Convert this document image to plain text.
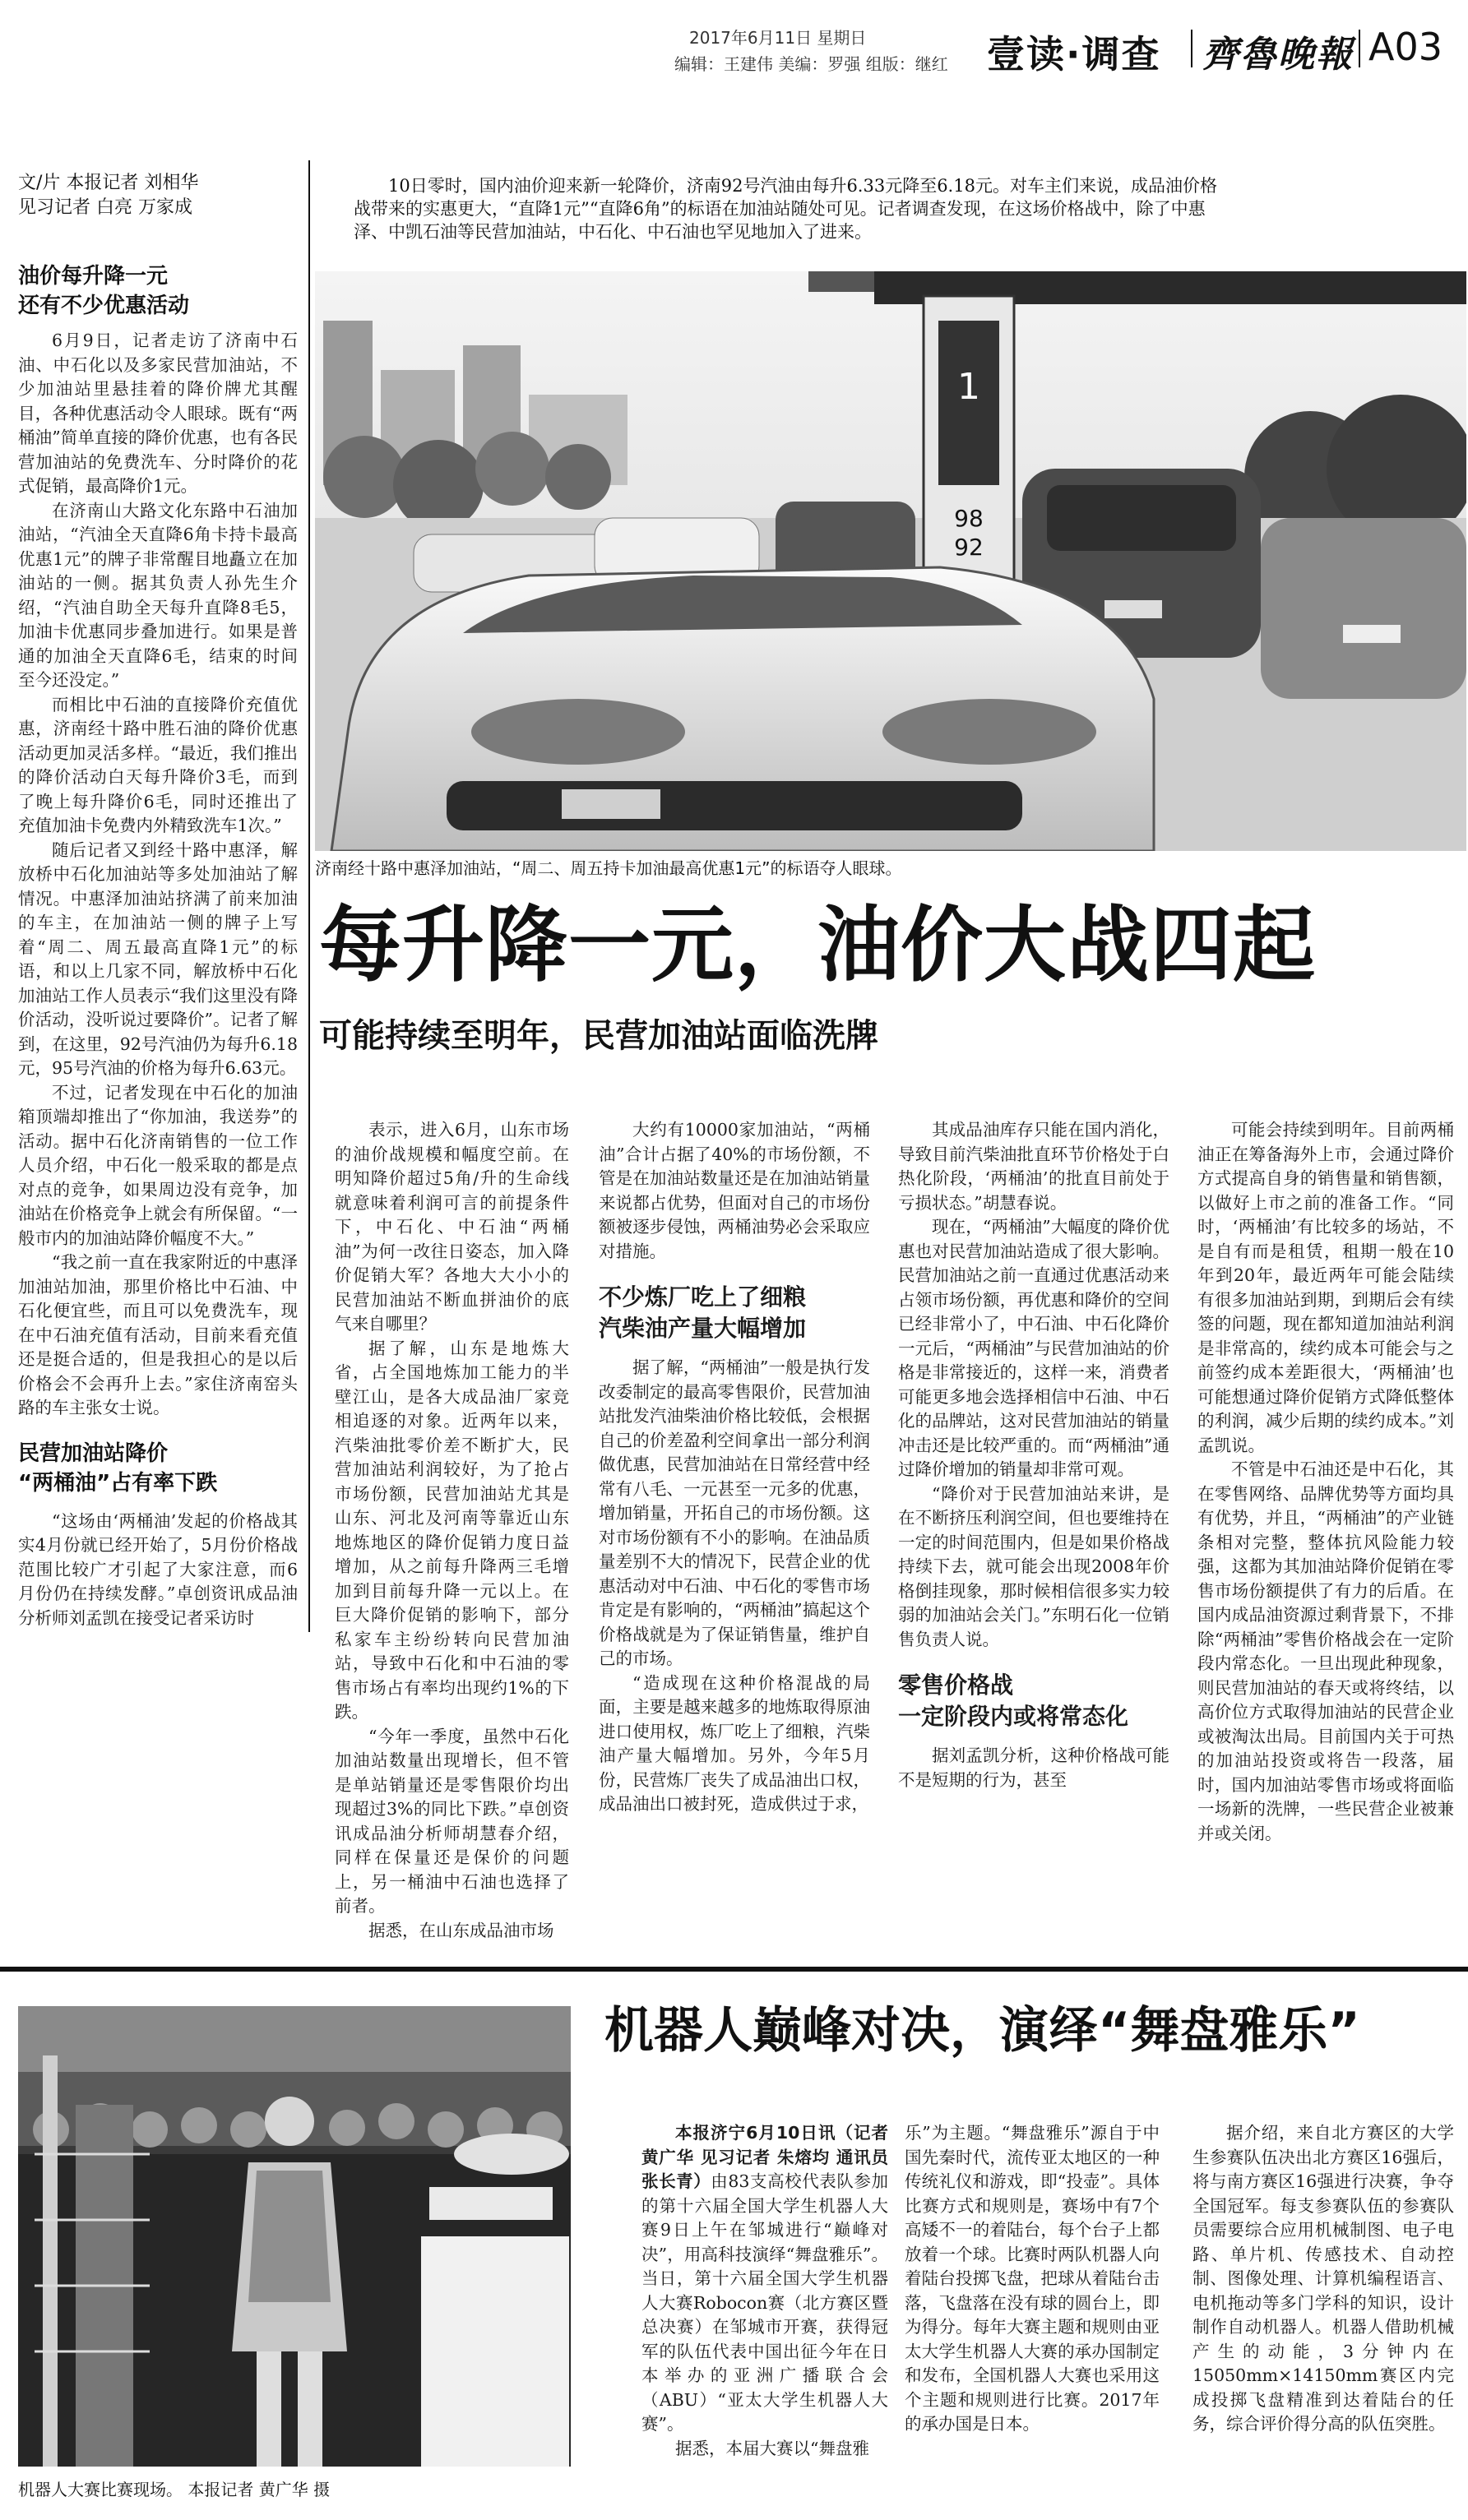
2017年6月11日 星期日
编辑：王建伟 美编：罗强 组版：继红 壹读·调查 齊魯晚報 A03
文/片 本报记者 刘相华
见习记者 白亮 万家成
10日零时，国内油价迎来新一轮降价，济南92号汽油由每升6.33元降至6.18元。对车主们来说，成品油价格战带来的实惠更大，“直降1元”“直降6角”的标语在加油站随处可见。记者调查发现，在这场价格战中，除了中惠泽、中凯石油等民营加油站，中石化、中石油也罕见地加入了进来。
1
98
92
济南经十路中惠泽加油站，“周二、周五持卡加油最高优惠1元”的标语夺人眼球。
每升降一元，油价大战四起
可能持续至明年，民营加油站面临洗牌
油价每升降一元
还有不少优惠活动

6月9日，记者走访了济南中石油、中石化以及多家民营加油站，不少加油站里悬挂着的降价牌尤其醒目，各种优惠活动令人眼球。既有“两桶油”简单直接的降价优惠，也有各民营加油站的免费洗车、分时降价的花式促销，最高降价1元。

在济南山大路文化东路中石油加油站，“汽油全天直降6角卡持卡最高优惠1元”的牌子非常醒目地矗立在加油站的一侧。据其负责人孙先生介绍，“汽油自助全天每升直降8毛5，加油卡优惠同步叠加进行。如果是普通的加油全天直降6毛，结束的时间至今还没定。”

而相比中石油的直接降价充值优惠，济南经十路中胜石油的降价优惠活动更加灵活多样。“最近，我们推出的降价活动白天每升降价3毛，而到了晚上每升降价6毛，同时还推出了充值加油卡免费内外精致洗车1次。”

随后记者又到经十路中惠泽，解放桥中石化加油站等多处加油站了解情况。中惠泽加油站挤满了前来加油的车主，在加油站一侧的牌子上写着“周二、周五最高直降1元”的标语，和以上几家不同，解放桥中石化加油站工作人员表示“我们这里没有降价活动，没听说过要降价”。记者了解到，在这里，92号汽油仍为每升6.18元，95号汽油的价格为每升6.63元。

不过，记者发现在中石化的加油箱顶端却推出了“你加油，我送券”的活动。据中石化济南销售的一位工作人员介绍，中石化一般采取的都是点对点的竞争，如果周边没有竞争，加油站在价格竞争上就会有所保留。“一般市内的加油站降价幅度不大。”

“我之前一直在我家附近的中惠泽加油站加油，那里价格比中石油、中石化便宜些，而且可以免费洗车，现在中石油充值有活动，目前来看充值还是挺合适的，但是我担心的是以后价格会不会再升上去。”家住济南窑头路的车主张女士说。

民营加油站降价
“两桶油”占有率下跌

“这场由‘两桶油’发起的价格战其实4月份就已经开始了，5月份价格战范围比较广才引起了大家注意，而6月份仍在持续发酵。”卓创资讯成品油分析师刘孟凯在接受记者采访时

表示，进入6月，山东市场的油价战规模和幅度空前。在明知降价超过5角/升的生命线就意味着利润可言的前提条件下，中石化、中石油“两桶油”为何一改往日姿态，加入降价促销大军？各地大大小小的民营加油站不断血拼油价的底气来自哪里？

据了解，山东是地炼大省，占全国地炼加工能力的半壁江山，是各大成品油厂家竞相追逐的对象。近两年以来，汽柴油批零价差不断扩大，民营加油站利润较好，为了抢占市场份额，民营加油站尤其是山东、河北及河南等靠近山东地炼地区的降价促销力度日益增加，从之前每升降两三毛增加到目前每升降一元以上。在巨大降价促销的影响下，部分私家车主纷纷转向民营加油站，导致中石化和中石油的零售市场占有率均出现约1%的下跌。

“今年一季度，虽然中石化加油站数量出现增长，但不管是单站销量还是零售限价均出现超过3%的同比下跌。”卓创资讯成品油分析师胡慧春介绍，同样在保量还是保价的问题上，另一桶油中石油也选择了前者。

据悉，在山东成品油市场

大约有10000家加油站，“两桶油”合计占据了40%的市场份额，不管是在加油站数量还是在加油站销量来说都占优势，但面对自己的市场份额被逐步侵蚀，两桶油势必会采取应对措施。

不少炼厂吃上了细粮
汽柴油产量大幅增加

据了解，“两桶油”一般是执行发改委制定的最高零售限价，民营加油站批发汽油柴油价格比较低，会根据自己的价差盈利空间拿出一部分利润做优惠，民营加油站在日常经营中经常有八毛、一元甚至一元多的优惠，增加销量，开拓自己的市场份额。这对市场份额有不小的影响。在油品质量差别不大的情况下，民营企业的优惠活动对中石油、中石化的零售市场肯定是有影响的，“两桶油”搞起这个价格战就是为了保证销售量，维护自己的市场。

“造成现在这种价格混战的局面，主要是越来越多的地炼取得原油进口使用权，炼厂吃上了细粮，汽柴油产量大幅增加。另外，今年5月份，民营炼厂丧失了成品油出口权，成品油出口被封死，造成供过于求，

其成品油库存只能在国内消化，导致目前汽柴油批直环节价格处于白热化阶段，‘两桶油’的批直目前处于亏损状态。”胡慧春说。

现在，“两桶油”大幅度的降价优惠也对民营加油站造成了很大影响。民营加油站之前一直通过优惠活动来占领市场份额，再优惠和降价的空间已经非常小了，中石油、中石化降价一元后，“两桶油”与民营加油站的价格是非常接近的，这样一来，消费者可能更多地会选择相信中石油、中石化的品牌站，这对民营加油站的销量冲击还是比较严重的。而“两桶油”通过降价增加的销量却非常可观。

“降价对于民营加油站来讲，是在不断挤压利润空间，但也要维持在一定的时间范围内，但是如果价格战持续下去，就可能会出现2008年价格倒挂现象，那时候相信很多实力较弱的加油站会关门。”东明石化一位销售负责人说。

零售价格战
一定阶段内或将常态化

据刘孟凯分析，这种价格战可能不是短期的行为，甚至

可能会持续到明年。目前两桶油正在筹备海外上市，会通过降价方式提高自身的销售量和销售额，以做好上市之前的准备工作。“同时，‘两桶油’有比较多的场站，不是自有而是租赁，租期一般在10年到20年，最近两年可能会陆续有很多加油站到期，到期后会有续签的问题，现在都知道加油站利润是非常高的，续约成本可能会与之前签约成本差距很大，‘两桶油’也可能想通过降价促销方式降低整体的利润，减少后期的续约成本。”刘孟凯说。

不管是中石油还是中石化，其在零售网络、品牌优势等方面均具有优势，并且，“两桶油”的产业链条相对完整，整体抗风险能力较强，这都为其加油站降价促销在零售市场份额提供了有力的后盾。在国内成品油资源过剩背景下，不排除“两桶油”零售价格战会在一定阶段内常态化。一旦出现此种现象，则民营加油站的春天或将终结，以高价位方式取得加油站的民营企业或被淘汰出局。目前国内关于可热的加油站投资或将告一段落，届时，国内加油站零售市场或将面临一场新的洗牌，一些民营企业被兼并或关闭。

机器人大赛比赛现场。 本报记者 黄广华 摄
机器人巅峰对决，演绎“舞盘雅乐”

本报济宁6月10日讯（记者 黄广华 见习记者 朱熔均 通讯员 张长青）由83支高校代表队参加的第十六届全国大学生机器人大赛9日上午在邹城进行“巅峰对决”，用高科技演绎“舞盘雅乐”。当日，第十六届全国大学生机器人大赛Robocon赛（北方赛区暨总决赛）在邹城市开赛，获得冠军的队伍代表中国出征今年在日本举办的亚洲广播联合会（ABU）“亚太大学生机器人大赛”。

据悉，本届大赛以“舞盘雅

乐”为主题。“舞盘雅乐”源自于中国先秦时代，流传亚太地区的一种传统礼仪和游戏，即“投壶”。具体比赛方式和规则是，赛场中有7个高矮不一的着陆台，每个台子上都放着一个球。比赛时两队机器人向着陆台投掷飞盘，把球从着陆台击落，飞盘落在没有球的圆台上，即为得分。每年大赛主题和规则由亚太大学生机器人大赛的承办国制定和发布，全国机器人大赛也采用这个主题和规则进行比赛。2017年的承办国是日本。

据介绍，来自北方赛区的大学生参赛队伍决出北方赛区16强后，将与南方赛区16强进行决赛，争夺全国冠军。每支参赛队伍的参赛队员需要综合应用机械制图、电子电路、单片机、传感技术、自动控制、图像处理、计算机编程语言、电机拖动等多门学科的知识，设计制作自动机器人。机器人借助机械产生的动能，3分钟内在15050mm×14150mm赛区内完成投掷飞盘精准到达着陆台的任务，综合评价得分高的队伍突胜。
